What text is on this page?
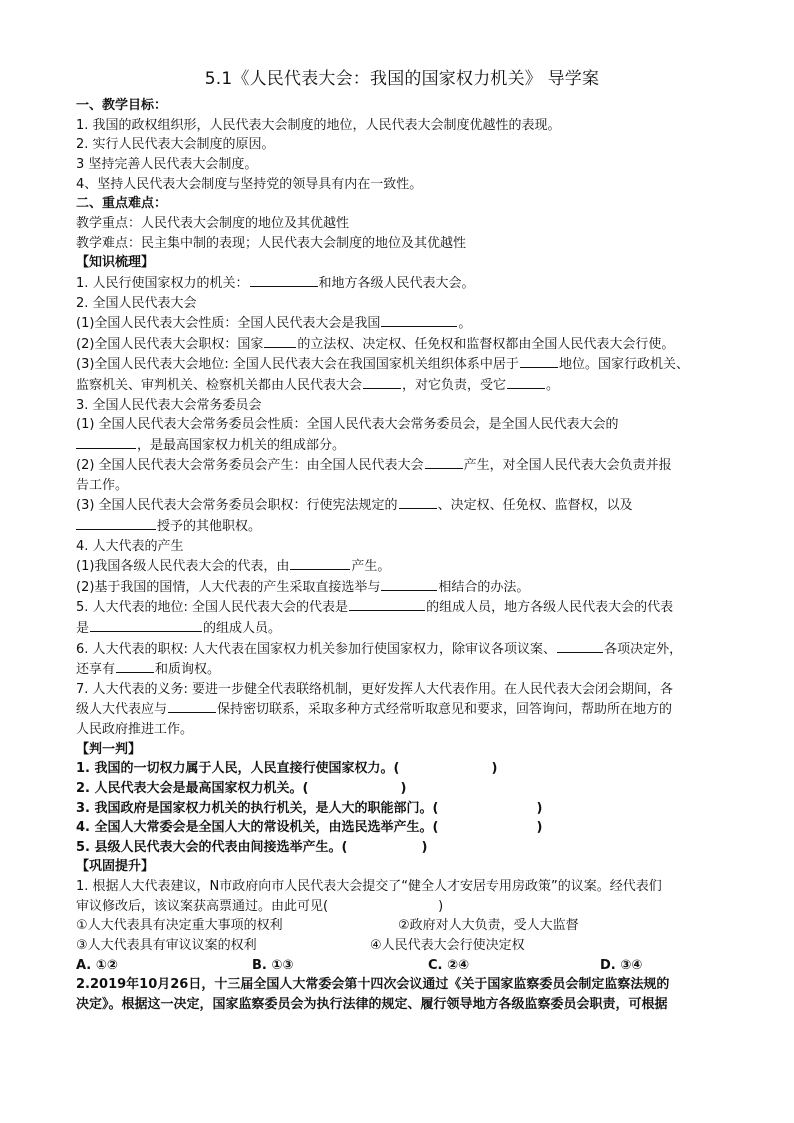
5.1《人民代表大会：我国的国家权力机关》 导学案
一、教学目标：
1. 我国的政权组织形，人民代表大会制度的地位，人民代表大会制度优越性的表现。
2. 实行人民代表大会制度的原因。
3 坚持完善人民代表大会制度。
4、坚持人民代表大会制度与坚持党的领导具有内在一致性。
二、重点难点：
教学重点：人民代表大会制度的地位及其优越性
教学难点：民主集中制的表现；人民代表大会制度的地位及其优越性
【知识梳理】
1. 人民行使国家权力的机关：	和地方各级人民代表大会。
2. 全国人民代表大会
(1)全国人民代表大会性质：全国人民代表大会是我国	。
(2)全国人民代表大会职权：国家	的立法权、决定权、任免权和监督权都由全国人民代表大会行使。
(3)全国人民代表大会地位: 全国人民代表大会在我国国家机关组织体系中居于	地位。国家行政机关、
监察机关、审判机关、检察机关都由人民代表大会	，对它负责，受它	。
3. 全国人民代表大会常务委员会
(1) 全国人民代表大会常务委员会性质：全国人民代表大会常务委员会，是全国人民代表大会的
，是最高国家权力机关的组成部分。
(2) 全国人民代表大会常务委员会产生：由全国人民代表大会	产生，对全国人民代表大会负责并报
告工作。
(3) 全国人民代表大会常务委员会职权：行使宪法规定的	、决定权、任免权、监督权，以及
授予的其他职权。
4. 人大代表的产生
(1)我国各级人民代表大会的代表，由	产生。
(2)基于我国的国情，人大代表的产生采取直接选举与	相结合的办法。
5. 人大代表的地位: 全国人民代表大会的代表是	的组成人员，地方各级人民代表大会的代表
是	的组成人员。
6. 人大代表的职权: 人大代表在国家权力机关参加行使国家权力，除审议各项议案、	各项决定外，
还享有	和质询权。
7. 人大代表的义务: 要进一步健全代表联络机制，更好发挥人大代表作用。在人民代表大会闭会期间，各
级人大代表应与	保持密切联系，采取多种方式经常听取意见和要求，回答询问，帮助所在地方的
人民政府推进工作。
【判一判】
1. 我国的一切权力属于人民，人民直接行使国家权力。(	)
2. 人民代表大会是最高国家权力机关。(	)
3. 我国政府是国家权力机关的执行机关，是人大的职能部门。(	)
4. 全国人大常委会是全国人大的常设机关，由选民选举产生。(	)
5. 县级人民代表大会的代表由间接选举产生。(	)
【巩固提升】
1. 根据人大代表建议，N市政府向市人民代表大会提交了“健全人才安居专用房政策”的议案。经代表们
审议修改后，该议案获高票通过。由此可见(	)
①人大代表具有决定重大事项的权利	②政府对人大负责，受人大监督
③人大代表具有审议议案的权利	④人民代表大会行使决定权
A. ①②	B. ①③	C. ②④	D. ③④
2.2019年10月26日，十三届全国人大常委会第十四次会议通过《关于国家监察委员会制定监察法规的
决定》。根据这一决定，国家监察委员会为执行法律的规定、履行领导地方各级监察委员会职责，可根据
